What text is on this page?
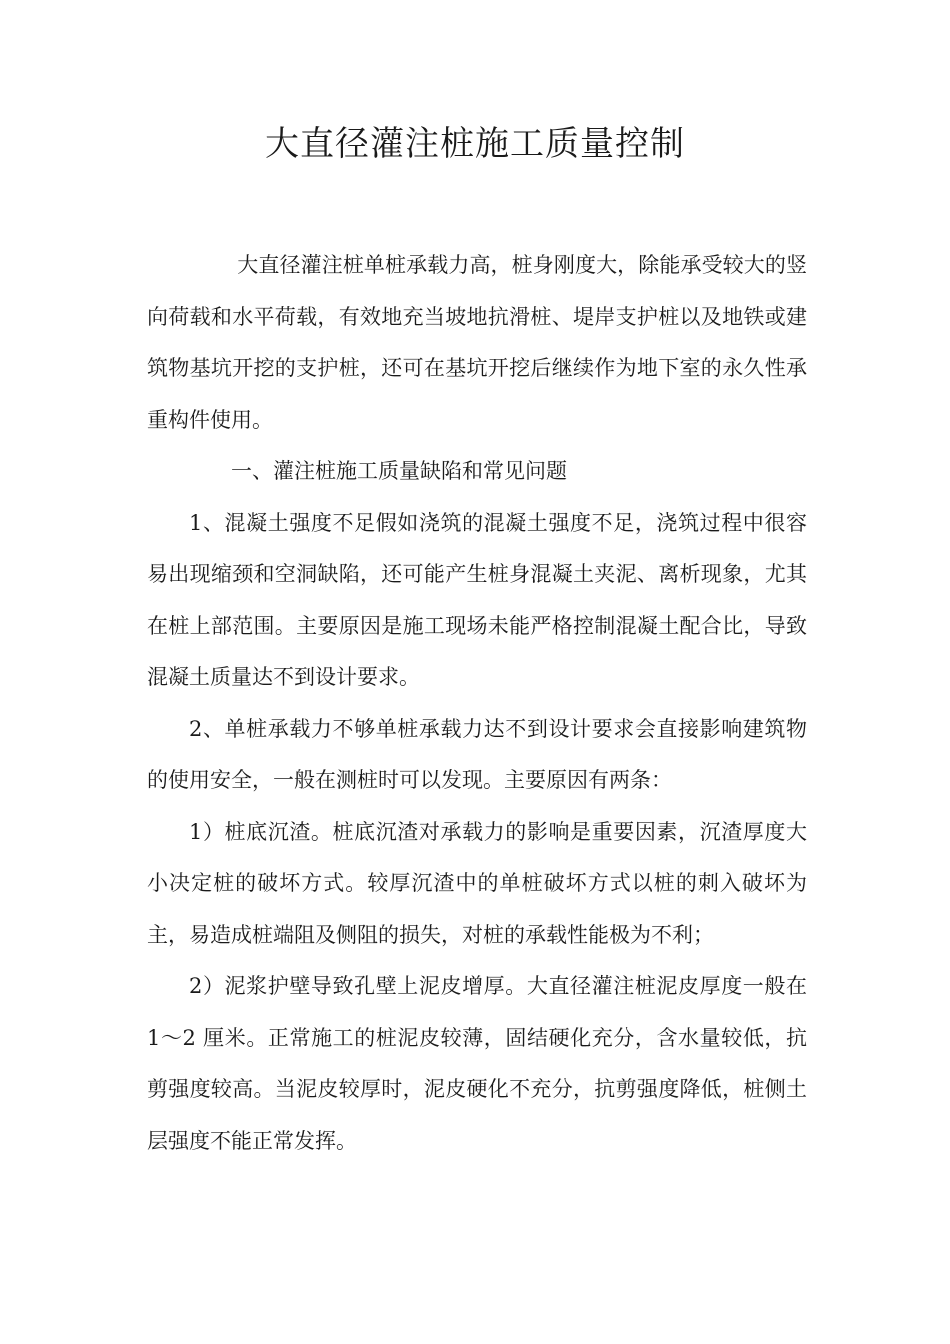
大直径灌注桩施工质量控制

大直径灌注桩单桩承载力高，桩身刚度大，除能承受较大的竖向荷载和水平荷载，有效地充当坡地抗滑桩、堤岸支护桩以及地铁或建筑物基坑开挖的支护桩，还可在基坑开挖后继续作为地下室的永久性承重构件使用。

一、灌注桩施工质量缺陷和常见问题

1、混凝土强度不足假如浇筑的混凝土强度不足，浇筑过程中很容易出现缩颈和空洞缺陷，还可能产生桩身混凝土夹泥、离析现象，尤其在桩上部范围。主要原因是施工现场未能严格控制混凝土配合比，导致混凝土质量达不到设计要求。

2、单桩承载力不够单桩承载力达不到设计要求会直接影响建筑物的使用安全，一般在测桩时可以发现。主要原因有两条：

1）桩底沉渣。桩底沉渣对承载力的影响是重要因素，沉渣厚度大小决定桩的破坏方式。较厚沉渣中的单桩破坏方式以桩的刺入破坏为主，易造成桩端阻及侧阻的损失，对桩的承载性能极为不利；

2）泥浆护壁导致孔壁上泥皮增厚。大直径灌注桩泥皮厚度一般在 1～2 厘米。正常施工的桩泥皮较薄，固结硬化充分，含水量较低，抗剪强度较高。当泥皮较厚时，泥皮硬化不充分，抗剪强度降低，桩侧土层强度不能正常发挥。
